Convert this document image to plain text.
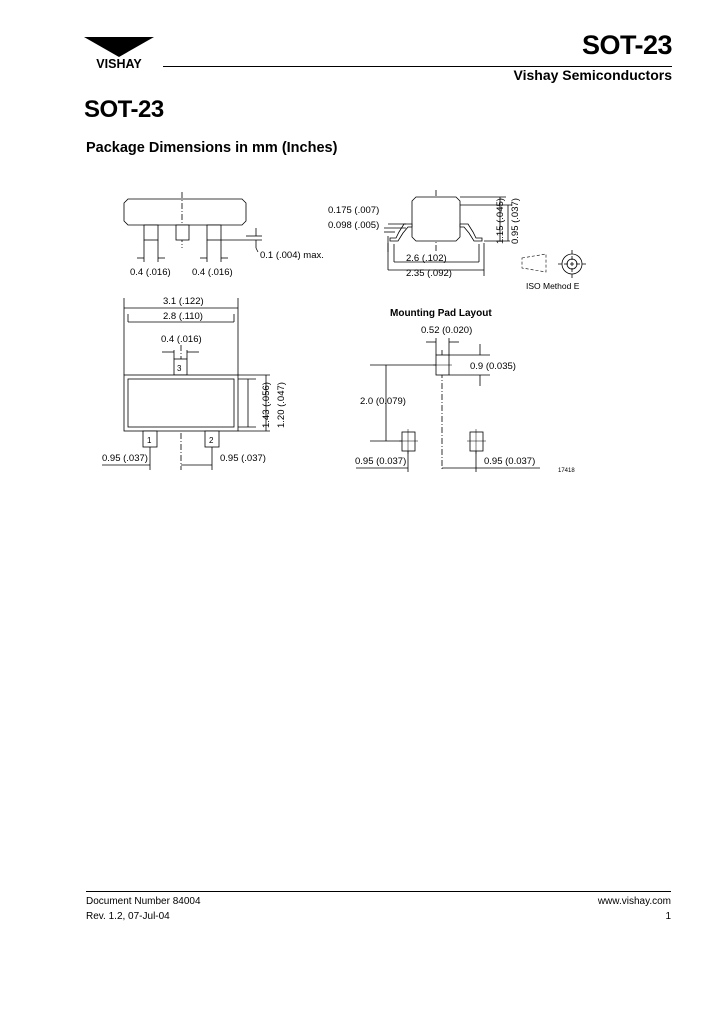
VISHAY
SOT-23
Vishay Semiconductors
SOT-23
Package Dimensions in mm (Inches)
0.4 (.016) 0.4 (.016)
0.1 (.004) max.
0.175 (.007)
0.098 (.005)
2.6 (.102)
2.35 (.092)
1.15 (.045) 0.95 (.037)
ISO Method E
3.1 (.122)
2.8 (.110)
0.4 (.016)
3
1	2
1.43 (.056) 1.20 (.047)
0.95 (.037)	0.95 (.037)
Mounting Pad Layout
0.52 (0.020)
0.9 (0.035)
2.0 (0.079)
0.95 (0.037)	0.95 (0.037)
17418
Document Number 84004
Rev. 1.2, 07-Jul-04
www.vishay.com
1
